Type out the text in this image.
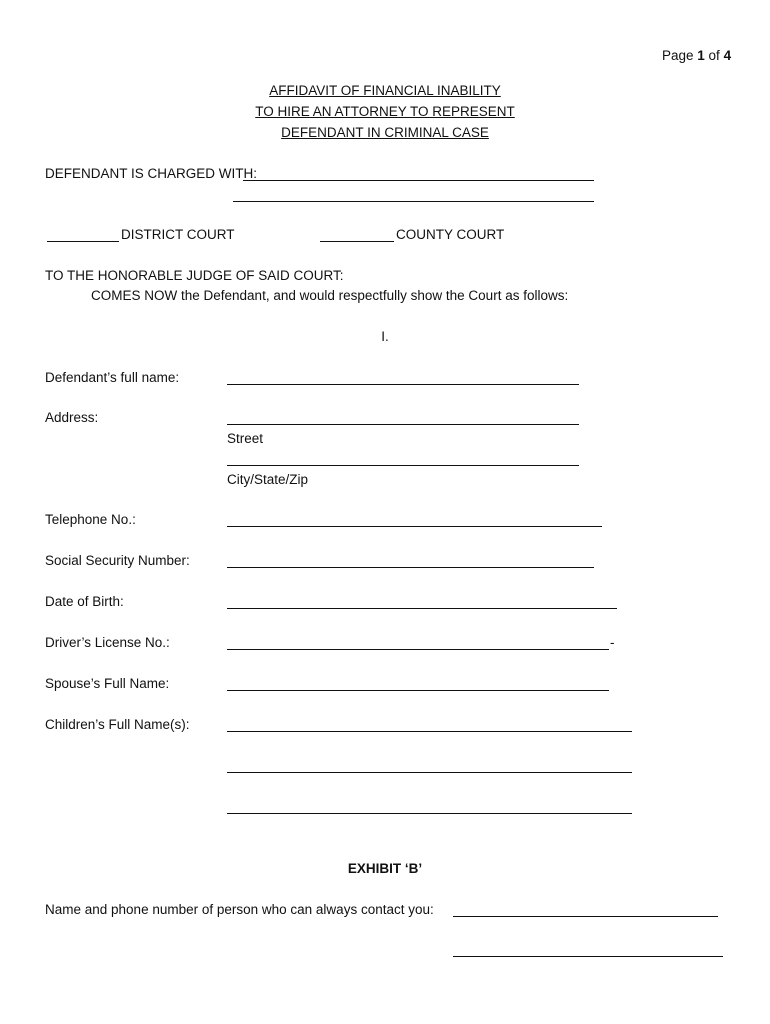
Page 1 of 4
AFFIDAVIT OF FINANCIAL INABILITY
TO HIRE AN ATTORNEY TO REPRESENT
DEFENDANT IN CRIMINAL CASE
DEFENDANT IS CHARGED WITH:
DISTRICT COURT	COUNTY COURT
TO THE HONORABLE JUDGE OF SAID COURT:
COMES NOW the Defendant, and would respectfully show the Court as follows:
I.
Defendant’s full name:
Address:
Street
City/State/Zip
Telephone No.:
Social Security Number:
Date of Birth:
Driver’s License No.:	-
Spouse’s Full Name:
Children’s Full Name(s):
EXHIBIT ‘B’
Name and phone number of person who can always contact you:
